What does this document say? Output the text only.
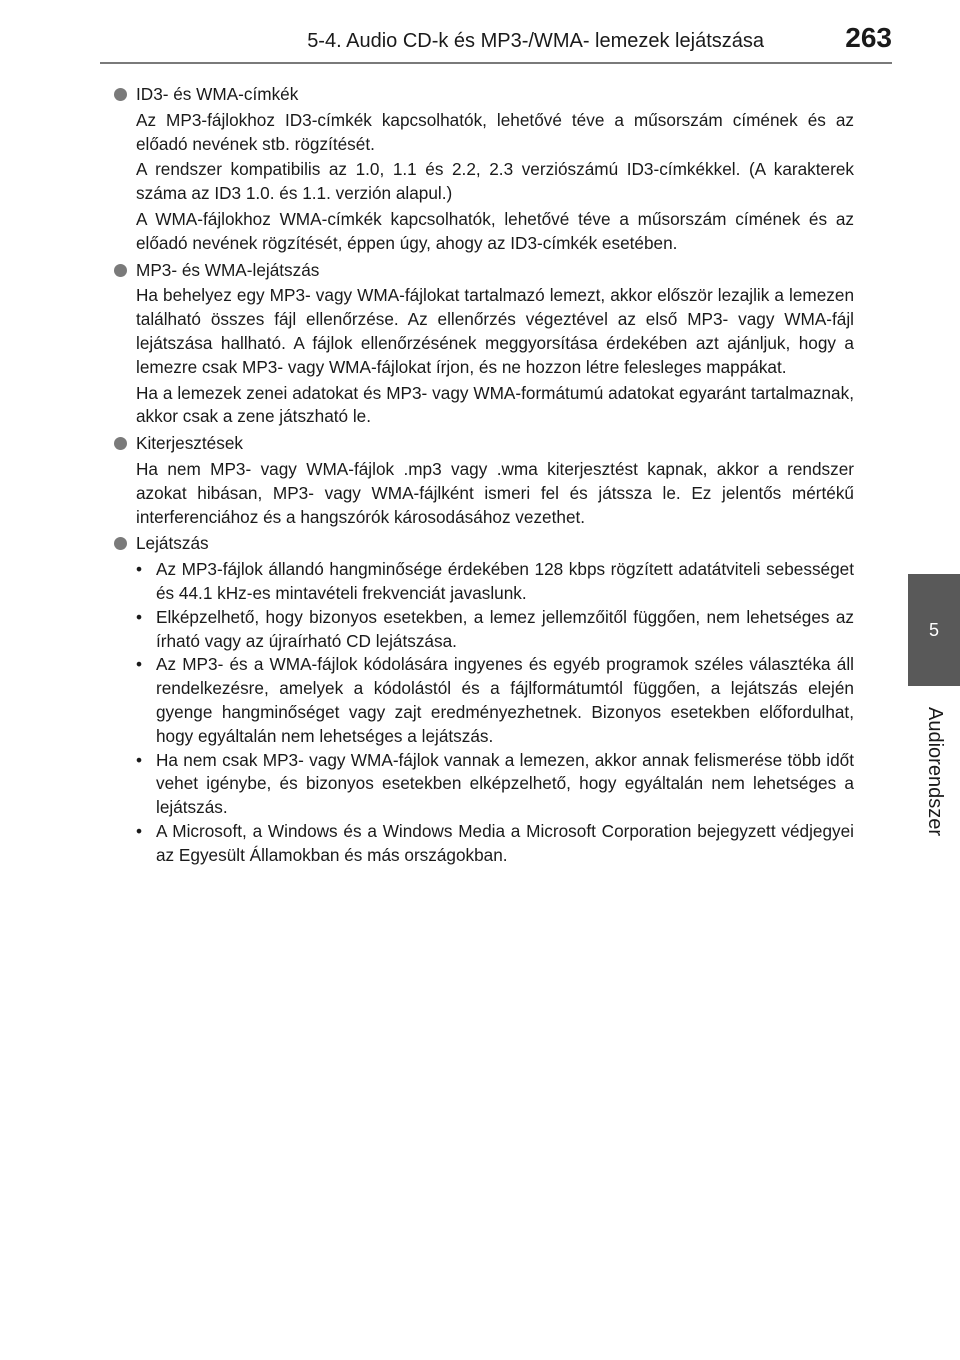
5-4. Audio CD-k és MP3-/WMA- lemezek lejátszása	263
5
Audiorendszer
ID3- és WMA-címkék

Az MP3-fájlokhoz ID3-címkék kapcsolhatók, lehetővé téve a műsorszám címének és az előadó nevének stb. rögzítését.

A rendszer kompatibilis az 1.0, 1.1 és 2.2, 2.3 verziószámú ID3-címkékkel. (A karakterek száma az ID3 1.0. és 1.1. verzión alapul.)

A WMA-fájlokhoz WMA-címkék kapcsolhatók, lehetővé téve a műsorszám címének és az előadó nevének rögzítését, éppen úgy, ahogy az ID3-címkék esetében.

MP3- és WMA-lejátszás

Ha behelyez egy MP3- vagy WMA-fájlokat tartalmazó lemezt, akkor először lezajlik a lemezen található összes fájl ellenőrzése. Az ellenőrzés végeztével az első MP3- vagy WMA-fájl lejátszása hallható. A fájlok ellenőrzésének meggyorsítása érdekében azt ajánljuk, hogy a lemezre csak MP3- vagy WMA-fájlokat írjon, és ne hozzon létre felesleges mappákat.

Ha a lemezek zenei adatokat és MP3- vagy WMA-formátumú adatokat egyaránt tartalmaznak, akkor csak a zene játszható le.

Kiterjesztések

Ha nem MP3- vagy WMA-fájlok .mp3 vagy .wma kiterjesztést kapnak, akkor a rendszer azokat hibásan, MP3- vagy WMA-fájlként ismeri fel és játssza le. Ez jelentős mértékű interferenciához és a hangszórók károsodásához vezethet.

Lejátszás
• Az MP3-fájlok állandó hangminősége érdekében 128 kbps rögzített adatátviteli sebességet és 44.1 kHz-es mintavételi frekvenciát javaslunk.
• Elképzelhető, hogy bizonyos esetekben, a lemez jellemzőitől függően, nem lehetséges az írható vagy az újraírható CD lejátszása.
• Az MP3- és a WMA-fájlok kódolására ingyenes és egyéb programok széles választéka áll rendelkezésre, amelyek a kódolástól és a fájlformátumtól függően, a lejátszás elején gyenge hangminőséget vagy zajt eredményezhetnek. Bizonyos esetekben előfordulhat, hogy egyáltalán nem lehetséges a lejátszás.
• Ha nem csak MP3- vagy WMA-fájlok vannak a lemezen, akkor annak felismerése több időt vehet igénybe, és bizonyos esetekben elképzelhető, hogy egyáltalán nem lehetséges a lejátszás.
• A Microsoft, a Windows és a Windows Media a Microsoft Corporation bejegyzett védjegyei az Egyesült Államokban és más országokban.
